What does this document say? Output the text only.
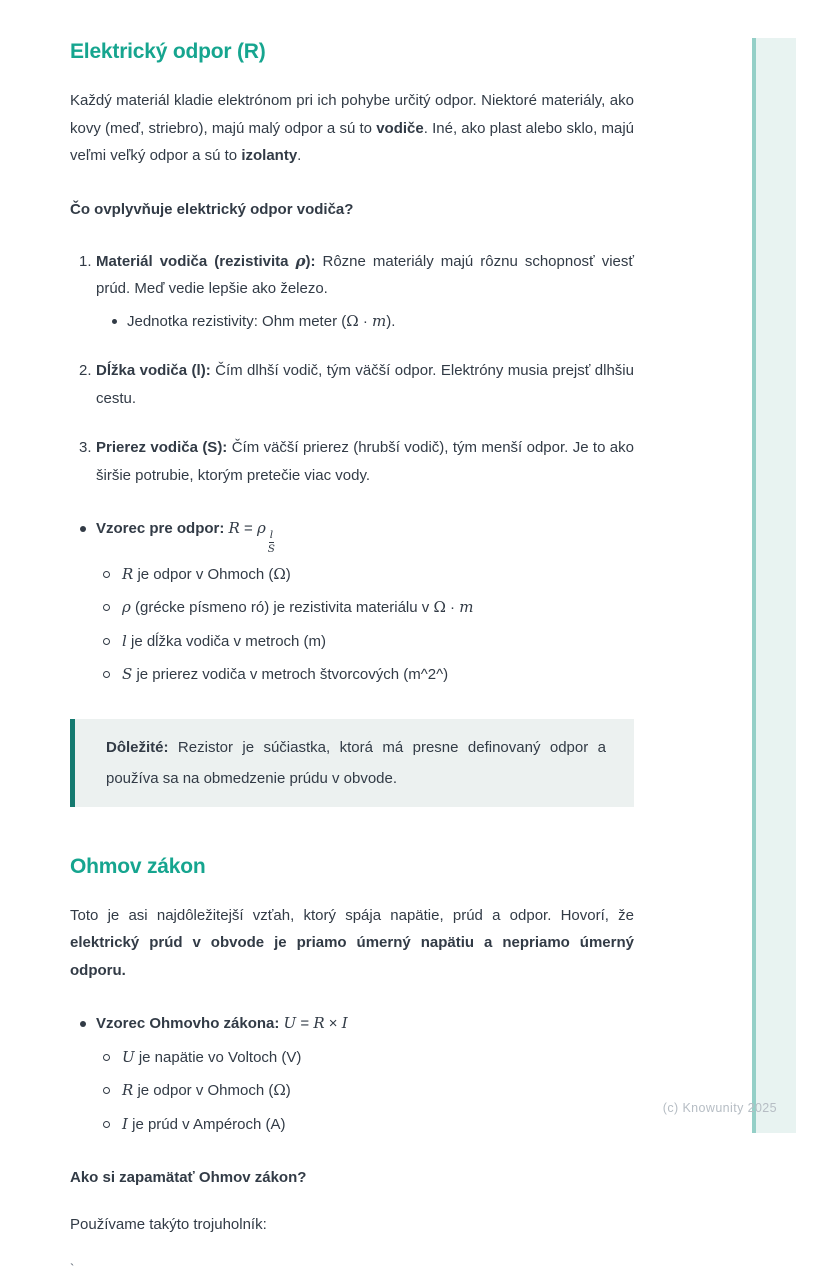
Elektrický odpor (R)

Každý materiál kladie elektrónom pri ich pohybe určitý odpor. Niektoré materiály, ako kovy (meď, striebro), majú malý odpor a sú to vodiče. Iné, ako plast alebo sklo, majú veľmi veľký odpor a sú to izolanty.

Čo ovplyvňuje elektrický odpor vodiča?

1. Materiál vodiča (rezistivita ρ): Rôzne materiály majú rôznu schopnosť viesť prúd. Meď vedie lepšie ako železo.
Jednotka rezistivity: Ohm meter (Ω · m).
2. Dĺžka vodiča (l): Čím dlhší vodič, tým väčší odpor. Elektróny musia prejsť dlhšiu cestu.
3. Prierez vodiča (S): Čím väčší prierez (hrubší vodič), tým menší odpor. Je to ako širšie potrubie, ktorým pretečie viac vody.
Vzorec pre odpor: R = ρ
$\frac{l}{S}$
R je odpor v Ohmoch (Ω)
ρ (grécke písmeno ró) je rezistivita materiálu v Ω · m
l je dĺžka vodiča v metroch (m)
S je prierez vodiča v metroch štvorcových (m^2^)
Dôležité: Rezistor je súčiastka, ktorá má presne definovaný odpor a používa sa na obmedzenie prúdu v obvode.
Ohmov zákon

Toto je asi najdôležitejší vzťah, ktorý spája napätie, prúd a odpor. Hovorí, že elektrický prúd v obvode je priamo úmerný napätiu a nepriamo úmerný odporu.

Vzorec Ohmovho zákona: U = R × I
U je napätie vo Voltoch (V)
R je odpor v Ohmoch (Ω)
I je prúd v Ampéroch (A)

Ako si zapamätať Ohmov zákon?

Používame takýto trojuholník:

`

(c) Knowunity 2025
